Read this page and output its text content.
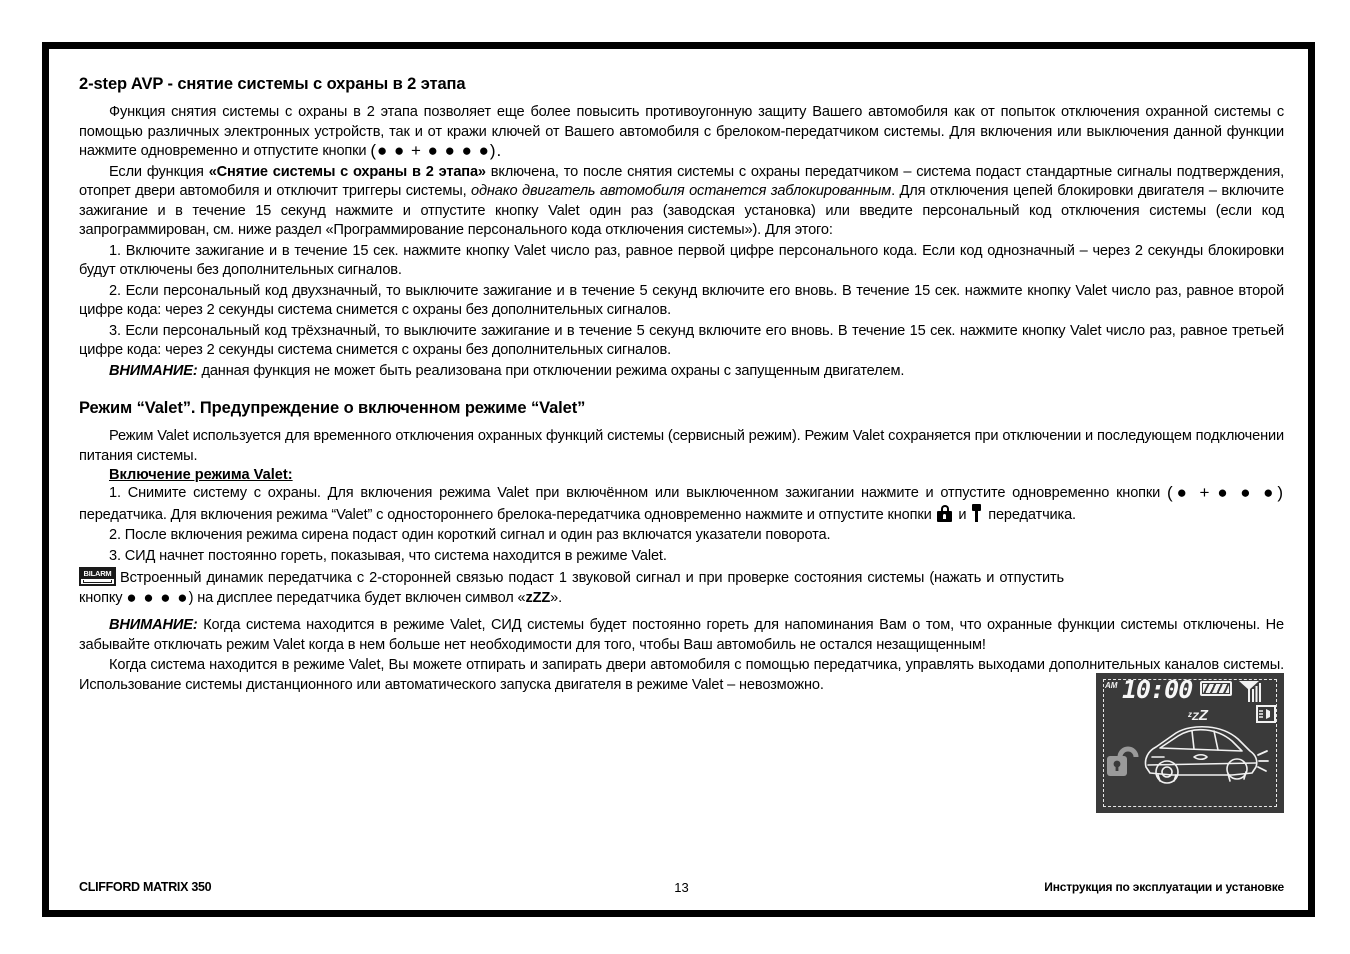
2-step AVP - снятие системы с охраны в 2 этапа

Функция снятия системы с охраны в 2 этапа позволяет еще более повысить противоугонную защиту Вашего автомобиля как от попыток отключения охранной системы с помощью различных электронных устройств, так и от кражи ключей от Вашего автомобиля с брелоком-передатчиком системы. Для включения или выключения данной функции нажмите одновременно и отпустите кнопки (● ● + ● ● ● ●).

Если функция «Снятие системы с охраны в 2 этапа» включена, то после снятия системы с охраны передатчиком – система подаст стандартные сигналы подтверждения, отопрет двери автомобиля и отключит триггеры системы, однако двигатель автомобиля останется заблокированным. Для отключения цепей блокировки двигателя – включите зажигание и в течение 15 секунд нажмите и отпустите кнопку Valet один раз (заводская установка) или введите персональный код отключения системы (если код запрограммирован, см. ниже раздел «Программирование персонального кода отключения системы»). Для этого:

1. Включите зажигание и в течение 15 сек. нажмите кнопку Valet число раз, равное первой цифре персонального кода. Если код однозначный – через 2 секунды блокировки будут отключены без дополнительных сигналов.

2. Если персональный код двухзначный, то выключите зажигание и в течение 5 секунд включите его вновь. В течение 15 сек. нажмите кнопку Valet число раз, равное второй цифре кода: через 2 секунды система снимется с охраны без дополнительных сигналов.

3. Если персональный код трёхзначный, то выключите зажигание и в течение 5 секунд включите его вновь. В течение 15 сек. нажмите кнопку Valet число раз, равное третьей цифре кода: через 2 секунды система снимется с охраны без дополнительных сигналов.

ВНИМАНИЕ: данная функция не может быть реализована при отключении режима охраны с запущенным двигателем.

Режим “Valet”. Предупреждение о включенном режиме “Valet”

Режим Valet используется для временного отключения охранных функций системы (сервисный режим). Режим Valet сохраняется при отключении и последующем подключении питания системы.

Включение режима Valet:

1. Снимите систему с охраны. Для включения режима Valet при включённом или выключенном зажигании нажмите и отпустите одновременно кнопки (● + ● ● ●) передатчика. Для включения режима “Valet” с одностороннего брелока-передатчика одновременно нажмите и отпустите кнопки
и
передатчика.

2. После включения режима сирена подаст один короткий сигнал и один раз включатся указатели поворота.

3. СИД начнет постоянно гореть, показывая, что система находится в режиме Valet.

BILARM Встроенный динамик передатчика с 2-сторонней связью подаст 1 звуковой сигнал и при проверке состояния системы (нажать и отпустить кнопку ● ● ● ●) на дисплее передатчика будет включен символ «zZZ».

ВНИМАНИЕ: Когда система находится в режиме Valet, СИД системы будет постоянно гореть для напоминания Вам о том, что охранные функции системы отключены. Не забывайте отключать режим Valet когда в нем больше нет необходимости для того, чтобы Ваш автомобиль не остался незащищенным!

Когда система находится в режиме Valet, Вы можете отпирать и запирать двери автомобиля с помощью передатчика, управлять выходами дополнительных каналов системы. Использование системы дистанционного или автоматического запуска двигателя в режиме Valet – невозможно.	AM 10:00
$^z$ZZ
CLIFFORD MATRIX 350	13	Инструкция по эксплуатации и установке
